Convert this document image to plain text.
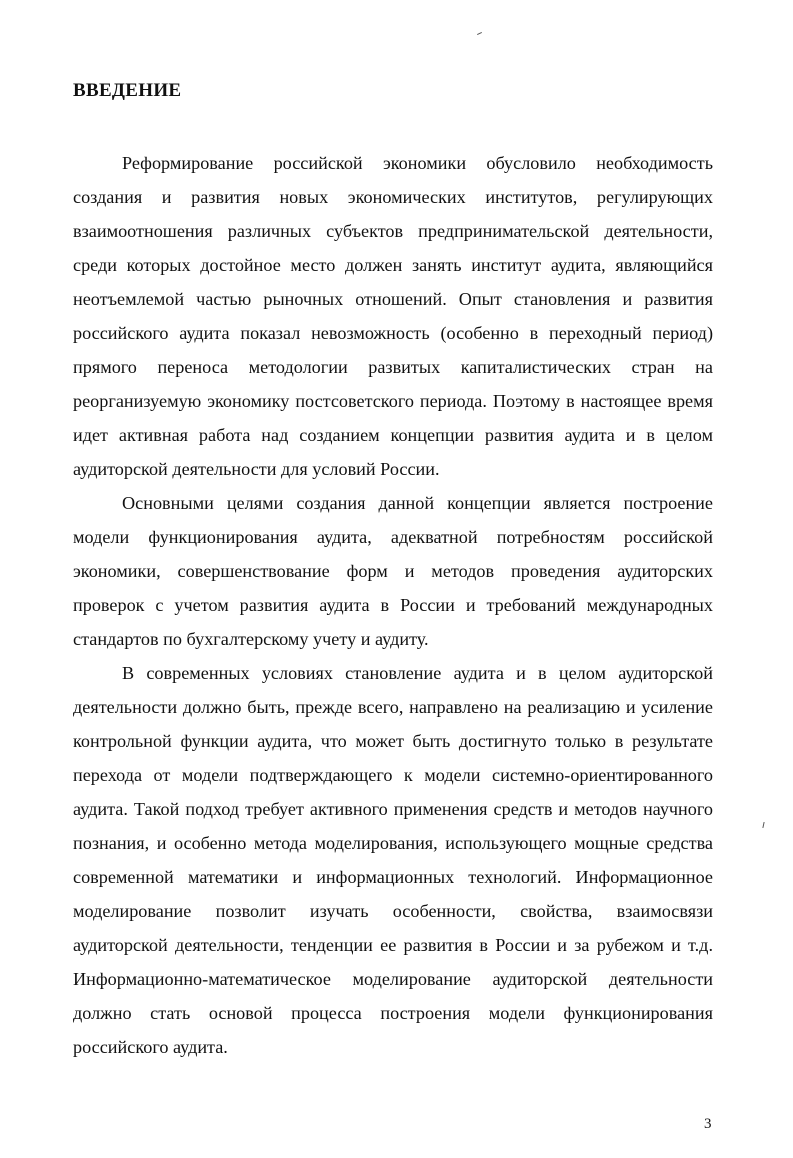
ВВЕДЕНИЕ

Реформирование российской экономики обусловило необходимость создания и развития новых экономических институтов, регулирующих взаимоотношения различных субъектов предпринимательской деятельности, среди которых достойное место должен занять институт аудита, являющийся неотъемлемой частью рыночных отношений. Опыт становления и развития российского аудита показал невозможность (особенно в переходный период) прямого переноса методологии развитых капиталистических стран на реорганизуемую экономику постсоветского периода. Поэтому в настоящее время идет активная работа над созданием концепции развития аудита и в целом аудиторской деятельности для условий России.

Основными целями создания данной концепции является построение модели функционирования аудита, адекватной потребностям российской экономики, совершенствование форм и методов проведения аудиторских проверок с учетом развития аудита в России и требований международных стандартов по бухгалтерскому учету и аудиту.

В современных условиях становление аудита и в целом аудиторской деятельности должно быть, прежде всего, направлено на реализацию и усиление контрольной функции аудита, что может быть достигнуто только в результате перехода от модели подтверждающего к модели системно-ориентированного аудита. Такой подход требует активного применения средств и методов научного познания, и особенно метода моделирования, использующего мощные средства современной математики и информационных технологий. Информационное моделирование позволит изучать особенности, свойства, взаимосвязи аудиторской деятельности, тенденции ее развития в России и за рубежом и т.д. Информационно-математическое моделирование аудиторской деятельности должно стать основой процесса построения модели функционирования российского аудита.

3
